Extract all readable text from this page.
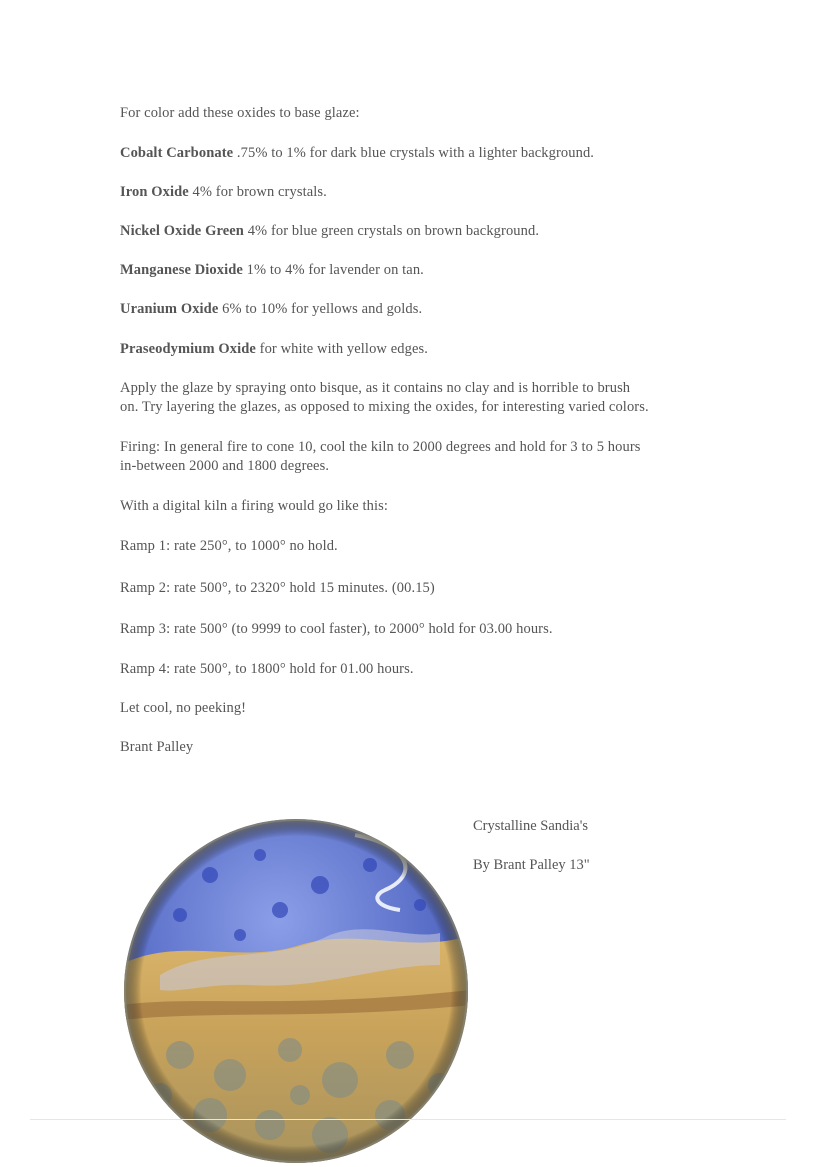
For color add these oxides to base glaze:

Cobalt Carbonate .75% to 1% for dark blue crystals with a lighter background.

Iron Oxide 4% for brown crystals.

Nickel Oxide Green 4% for blue green crystals on brown background.

Manganese Dioxide 1% to 4% for lavender on tan.

Uranium Oxide 6% to 10% for yellows and golds.

Praseodymium Oxide for white with yellow edges.

Apply the glaze by spraying onto bisque, as it contains no clay and is horrible to brush

on. Try layering the glazes, as opposed to mixing the oxides, for interesting varied colors.

Firing: In general fire to cone 10, cool the kiln to 2000 degrees and hold for 3 to 5 hours

in-between 2000 and 1800 degrees.

With a digital kiln a firing would go like this:

Ramp 1: rate 250°, to 1000° no hold.

Ramp 2: rate 500°, to 2320° hold 15 minutes. (00.15)

Ramp 3: rate 500° (to 9999 to cool faster), to 2000° hold for 03.00 hours.

Ramp 4: rate 500°, to 1800° hold for 01.00 hours.

Let cool, no peeking!

Brant Palley

Crystalline Sandia's

By Brant Palley 13"
